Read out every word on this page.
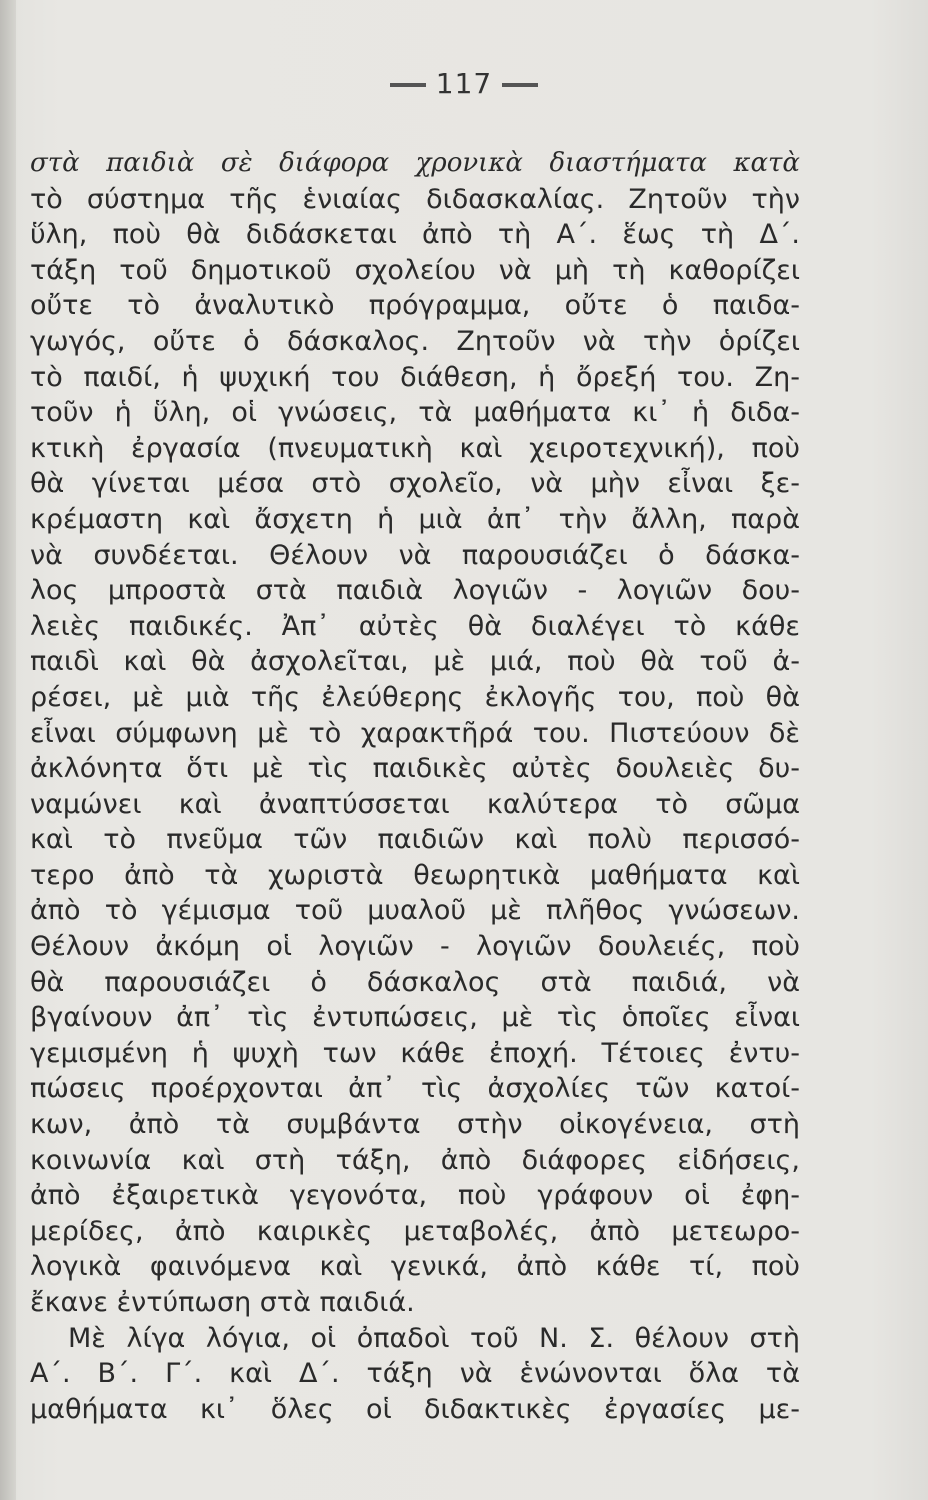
117
στὰ παιδιὰ σὲ διάφορα χρονικὰ διαστήματα κατὰ
τὸ σύστημα τῆς ἑνιαίας διδασκαλίας. Ζητοῦν τὴν
ὕλη, ποὺ θὰ διδάσκεται ἀπὸ τὴ Α΄. ἕως τὴ Δ΄.
τάξη τοῦ δημοτικοῦ σχολείου νὰ μὴ τὴ καθορίζει
οὔτε τὸ ἀναλυτικὸ πρόγραμμα, οὔτε ὁ παιδα-
γωγός, οὔτε ὁ δάσκαλος. Ζητοῦν νὰ τὴν ὁρίζει
τὸ παιδί, ἡ ψυχική του διάθεση, ἡ ὄρεξή του. Ζη-
τοῦν ἡ ὕλη, οἱ γνώσεις, τὰ μαθήματα κι᾽ ἡ διδα-
κτικὴ ἐργασία (πνευματικὴ καὶ χειροτεχνική), ποὺ
θὰ γίνεται μέσα στὸ σχολεῖο, νὰ μὴν εἶναι ξε-
κρέμαστη καὶ ἄσχετη ἡ μιὰ ἀπ᾽ τὴν ἄλλη, παρὰ
νὰ συνδέεται. Θέλουν νὰ παρουσιάζει ὁ δάσκα-
λος μπροστὰ στὰ παιδιὰ λογιῶν - λογιῶν δου-
λειὲς παιδικές. Ἀπ᾽ αὐτὲς θὰ διαλέγει τὸ κάθε
παιδὶ καὶ θὰ ἀσχολεῖται, μὲ μιά, ποὺ θὰ τοῦ ἀ-
ρέσει, μὲ μιὰ τῆς ἐλεύθερης ἐκλογῆς του, ποὺ θὰ
εἶναι σύμφωνη μὲ τὸ χαρακτῆρά του. Πιστεύουν δὲ
ἀκλόνητα ὅτι μὲ τὶς παιδικὲς αὐτὲς δουλειὲς δυ-
ναμώνει καὶ ἀναπτύσσεται καλύτερα τὸ σῶμα
καὶ τὸ πνεῦμα τῶν παιδιῶν καὶ πολὺ περισσό-
τερο ἀπὸ τὰ χωριστὰ θεωρητικὰ μαθήματα καὶ
ἀπὸ τὸ γέμισμα τοῦ μυαλοῦ μὲ πλῆθος γνώσεων.
Θέλουν ἀκόμη οἱ λογιῶν - λογιῶν δουλειές, ποὺ
θὰ παρουσιάζει ὁ δάσκαλος στὰ παιδιά, νὰ
βγαίνουν ἀπ᾽ τὶς ἐντυπώσεις, μὲ τὶς ὁποῖες εἶναι
γεμισμένη ἡ ψυχὴ των κάθε ἐποχή. Τέτοιες ἐντυ-
πώσεις προέρχονται ἀπ᾽ τὶς ἀσχολίες τῶν κατοί-
κων, ἀπὸ τὰ συμβάντα στὴν οἰκογένεια, στὴ
κοινωνία καὶ στὴ τάξη, ἀπὸ διάφορες εἰδήσεις,
ἀπὸ ἐξαιρετικὰ γεγονότα, ποὺ γράφουν οἱ ἐφη-
μερίδες, ἀπὸ καιρικὲς μεταβολές, ἀπὸ μετεωρο-
λογικὰ φαινόμενα καὶ γενικά, ἀπὸ κάθε τί, ποὺ
ἔκανε ἐντύπωση στὰ παιδιά.
Μὲ λίγα λόγια, οἱ ὀπαδοὶ τοῦ Ν. Σ. θέλουν στὴ
Α΄. Β΄. Γ΄. καὶ Δ΄. τάξη νὰ ἑνώνονται ὅλα τὰ
μαθήματα κι᾽ ὅλες οἱ διδακτικὲς ἐργασίες με-
